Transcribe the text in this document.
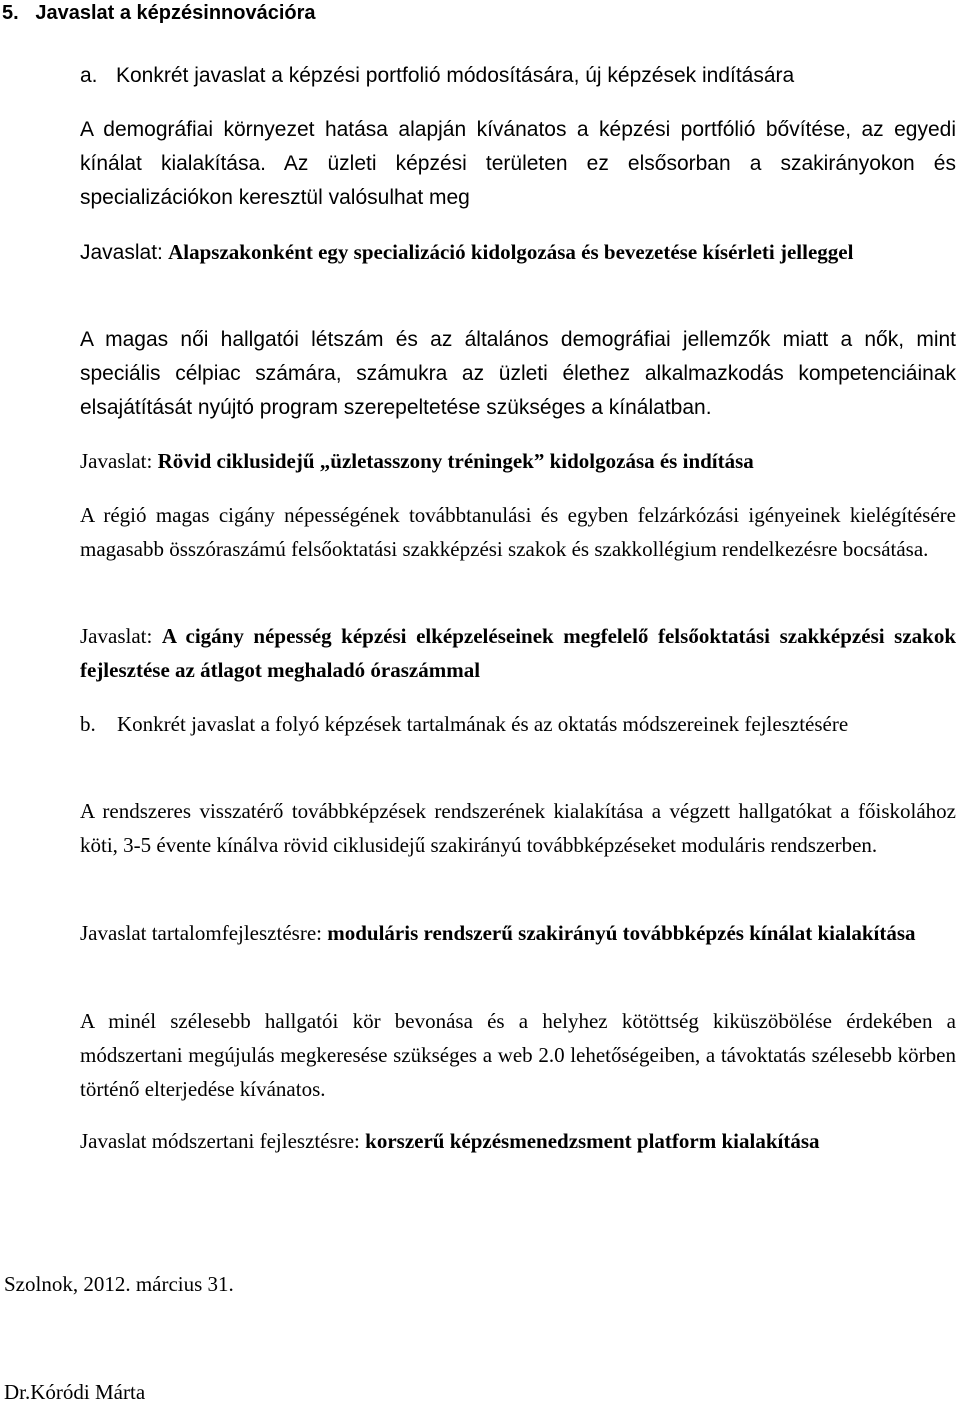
5. Javaslat a képzésinnovációra

a. Konkrét javaslat a képzési portfolió módosítására, új képzések indítására

A demográfiai környezet hatása alapján kívánatos a képzési portfólió bővítése, az egyedi kínálat kialakítása. Az üzleti képzési területen ez elsősorban a szakirányokon és specializációkon keresztül valósulhat meg

Javaslat: Alapszakonként egy specializáció kidolgozása és bevezetése kísérleti jelleggel

A magas női hallgatói létszám és az általános demográfiai jellemzők miatt a nők, mint speciális célpiac számára, számukra az üzleti élethez alkalmazkodás kompetenciáinak elsajátítását nyújtó program szerepeltetése szükséges a kínálatban.

Javaslat: Rövid ciklusidejű „üzletasszony tréningek” kidolgozása és indítása

A régió magas cigány népességének továbbtanulási és egyben felzárkózási igényeinek kielégítésére magasabb összóraszámú felsőoktatási szakképzési szakok és szakkollégium rendelkezésre bocsátása.

Javaslat: A cigány népesség képzési elképzeléseinek megfelelő felsőoktatási szakképzési szakok fejlesztése az átlagot meghaladó óraszámmal

b. Konkrét javaslat a folyó képzések tartalmának és az oktatás módszereinek fejlesztésére

A rendszeres visszatérő továbbképzések rendszerének kialakítása a végzett hallgatókat a főiskolához köti, 3-5 évente kínálva rövid ciklusidejű szakirányú továbbképzéseket moduláris rendszerben.

Javaslat tartalomfejlesztésre: moduláris rendszerű szakirányú továbbképzés kínálat kialakítása

A minél szélesebb hallgatói kör bevonása és a helyhez kötöttség kiküszöbölése érdekében a módszertani megújulás megkeresése szükséges a web 2.0 lehetőségeiben, a távoktatás szélesebb körben történő elterjedése kívánatos.

Javaslat módszertani fejlesztésre: korszerű képzésmenedzsment platform kialakítása

Szolnok, 2012. március 31.

Dr.Kóródi Márta
